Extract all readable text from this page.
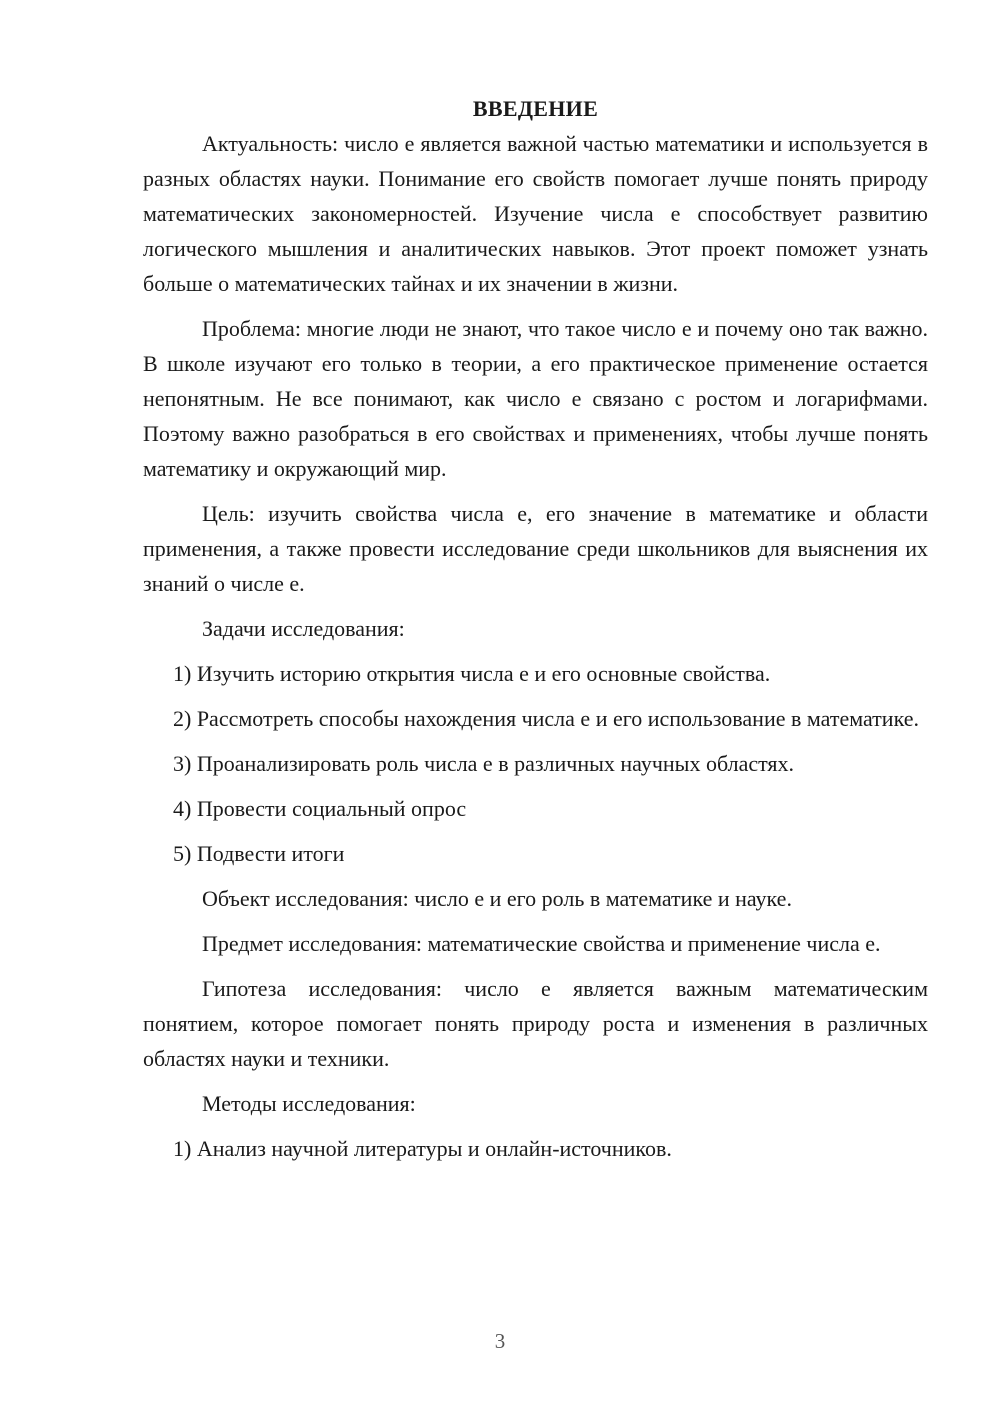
ВВЕДЕНИЕ

Актуальность: число е является важной частью математики и используется в разных областях науки. Понимание его свойств помогает лучше понять природу математических закономерностей. Изучение числа е способствует развитию логического мышления и аналитических навыков. Этот проект поможет узнать больше о математических тайнах и их значении в жизни.

Проблема: многие люди не знают, что такое число е и почему оно так важно. В школе изучают его только в теории, а его практическое применение остается непонятным. Не все понимают, как число е связано с ростом и логарифмами. Поэтому важно разобраться в его свойствах и применениях, чтобы лучше понять математику и окружающий мир.

Цель: изучить свойства числа е, его значение в математике и области применения, а также провести исследование среди школьников для выяснения их знаний о числе е.

Задачи исследования:

1) Изучить историю открытия числа е и его основные свойства.

2) Рассмотреть способы нахождения числа е и его использование в математике.

3) Проанализировать роль числа е в различных научных областях.

4) Провести социальный опрос

5) Подвести итоги

Объект исследования: число е и его роль в математике и науке.

Предмет исследования: математические свойства и применение числа е.

Гипотеза исследования: число е является важным математическим понятием, которое помогает понять природу роста и изменения в различных областях науки и техники.

Методы исследования:

1) Анализ научной литературы и онлайн-источников.

3
